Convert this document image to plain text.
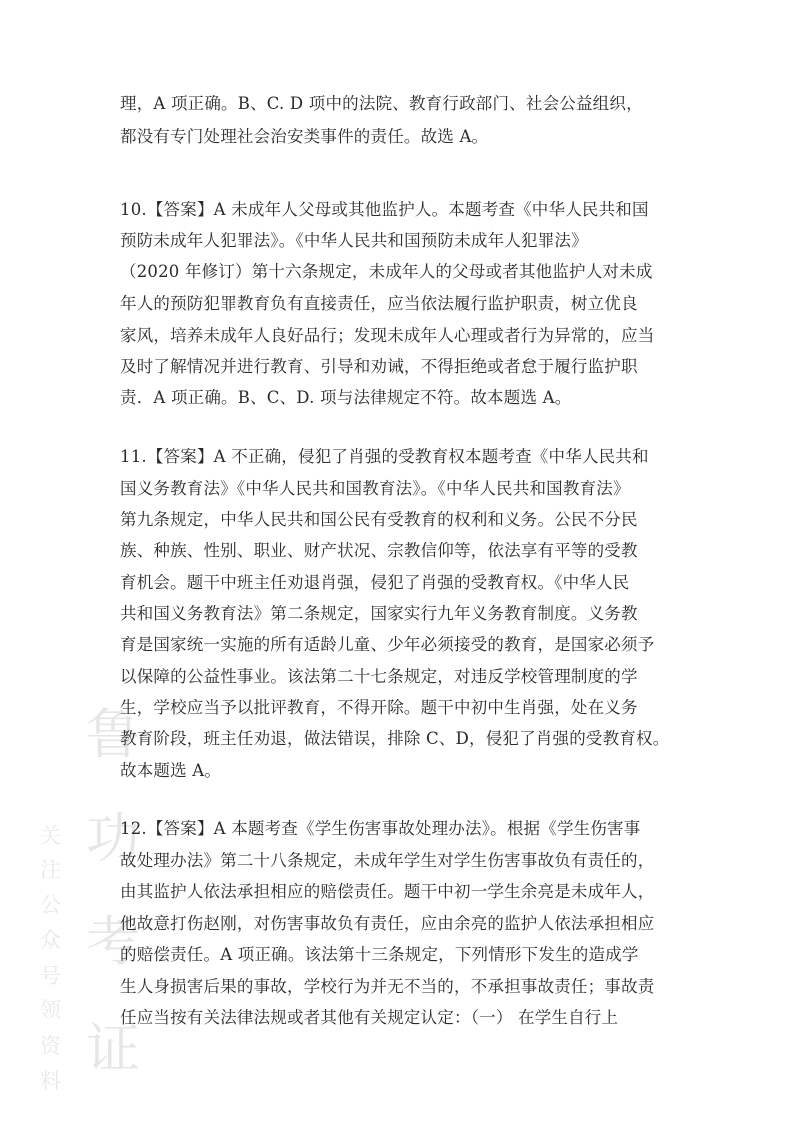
鲁
功
考
证
关
注
公
众
号
领
资
料
理，A 项正确。B、C. D 项中的法院、教育行政部门、社会公益组织，
都没有专门处理社会治安类事件的责任。故选 A。
10.【答案】A 未成年人父母或其他监护人。本题考查《中华人民共和国
预防未成年人犯罪法》。《中华人民共和国预防未成年人犯罪法》
（2020 年修订）第十六条规定，未成年人的父母或者其他监护人对未成
年人的预防犯罪教育负有直接责任，应当依法履行监护职责，树立优良
家风，培养未成年人良好品行；发现未成年人心理或者行为异常的，应当
及时了解情况并进行教育、引导和劝诫，不得拒绝或者怠于履行监护职
责．A 项正确。B、C、D. 项与法律规定不符。故本题选 A。
11.【答案】A 不正确，侵犯了肖强的受教育权本题考查《中华人民共和
国义务教育法》《中华人民共和国教育法》。《中华人民共和国教育法》
第九条规定，中华人民共和国公民有受教育的权利和义务。公民不分民
族、种族、性别、职业、财产状况、宗教信仰等，依法享有平等的受教
育机会。题干中班主任劝退肖强，侵犯了肖强的受教育权。《中华人民
共和国义务教育法》第二条规定，国家实行九年义务教育制度。义务教
育是国家统一实施的所有适龄儿童、少年必须接受的教育，是国家必须予
以保障的公益性事业。该法第二十七条规定，对违反学校管理制度的学
生，学校应当予以批评教育，不得开除。题干中初中生肖强，处在义务
教育阶段，班主任劝退，做法错误，排除 C、D，侵犯了肖强的受教育权。
故本题选 A。
12.【答案】A 本题考查《学生伤害事故处理办法》。根据《学生伤害事
故处理办法》第二十八条规定，未成年学生对学生伤害事故负有责任的，
由其监护人依法承担相应的赔偿责任。题干中初一学生余亮是未成年人，
他故意打伤赵刚，对伤害事故负有责任，应由余亮的监护人依法承担相应
的赔偿责任。A 项正确。该法第十三条规定，下列情形下发生的造成学
生人身损害后果的事故，学校行为并无不当的，不承担事故责任；事故责
任应当按有关法律法规或者其他有关规定认定：（一） 在学生自行上
